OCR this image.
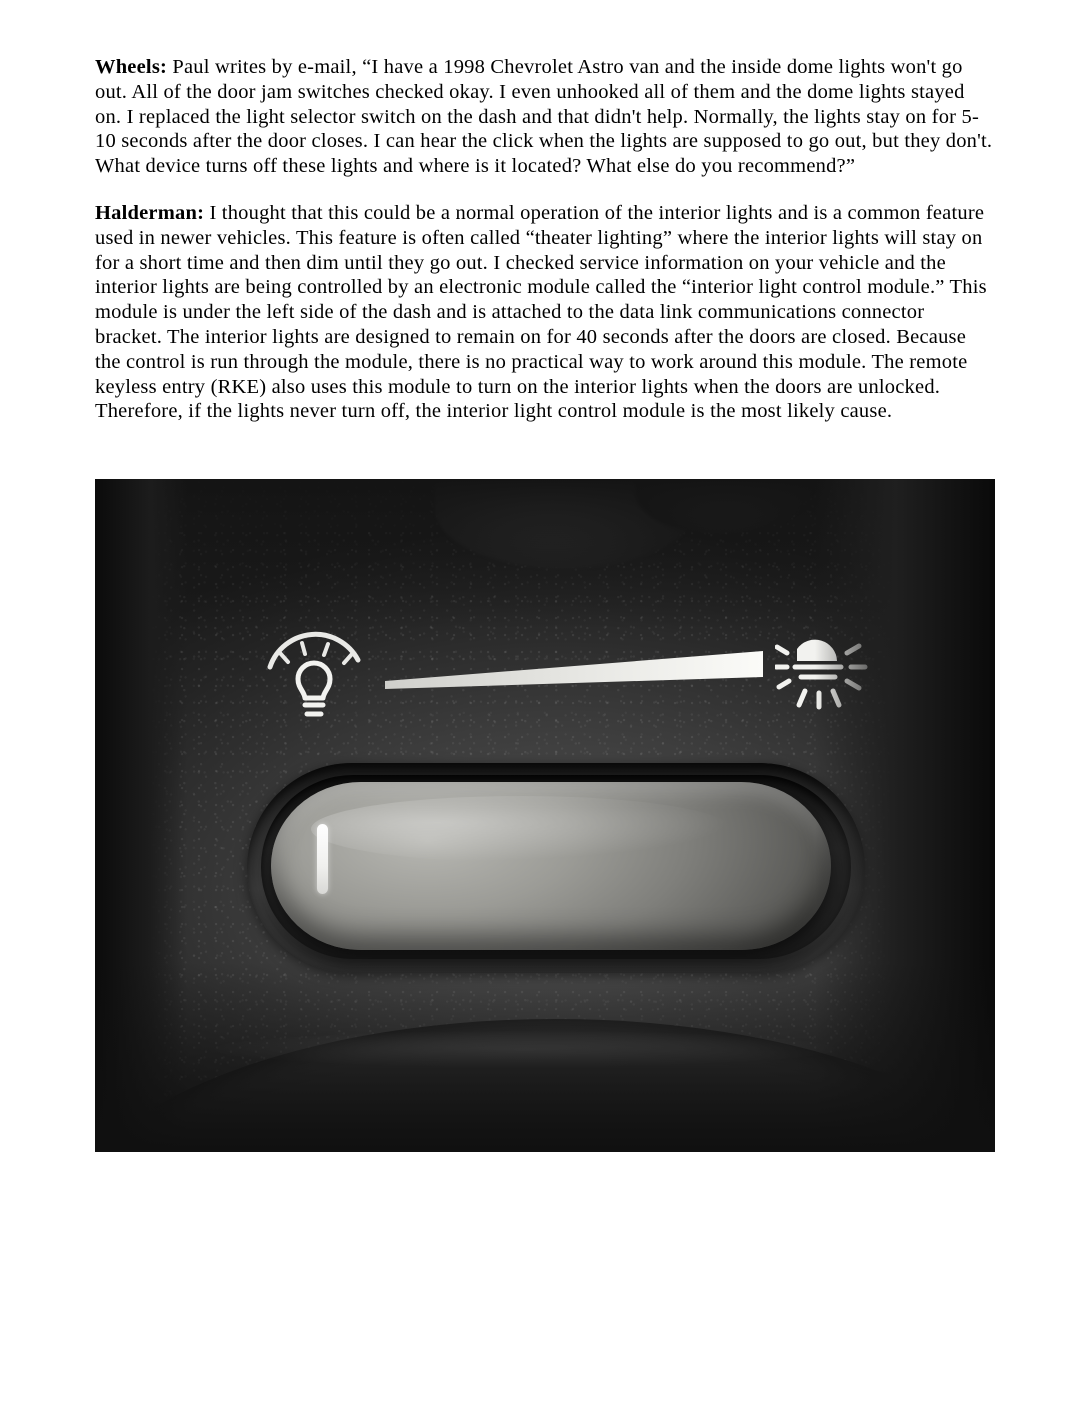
Wheels: Paul writes by e-mail, “I have a 1998 Chevrolet Astro van and the inside dome lights won't go out. All of the door jam switches checked okay. I even unhooked all of them and the dome lights stayed on. I replaced the light selector switch on the dash and that didn't help. Normally, the lights stay on for 5-10 seconds after the door closes. I can hear the click when the lights are supposed to go out, but they don't. What device turns off these lights and where is it located? What else do you recommend?”

Halderman: I thought that this could be a normal operation of the interior lights and is a common feature used in newer vehicles. This feature is often called “theater lighting” where the interior lights will stay on for a short time and then dim until they go out. I checked service information on your vehicle and the interior lights are being controlled by an electronic module called the “interior light control module.” This module is under the left side of the dash and is attached to the data link communications connector bracket. The interior lights are designed to remain on for 40 seconds after the doors are closed. Because the control is run through the module, there is no practical way to work around this module. The remote keyless entry (RKE) also uses this module to turn on the interior lights when the doors are unlocked.

Therefore, if the lights never turn off, the interior light control module is the most likely cause.
